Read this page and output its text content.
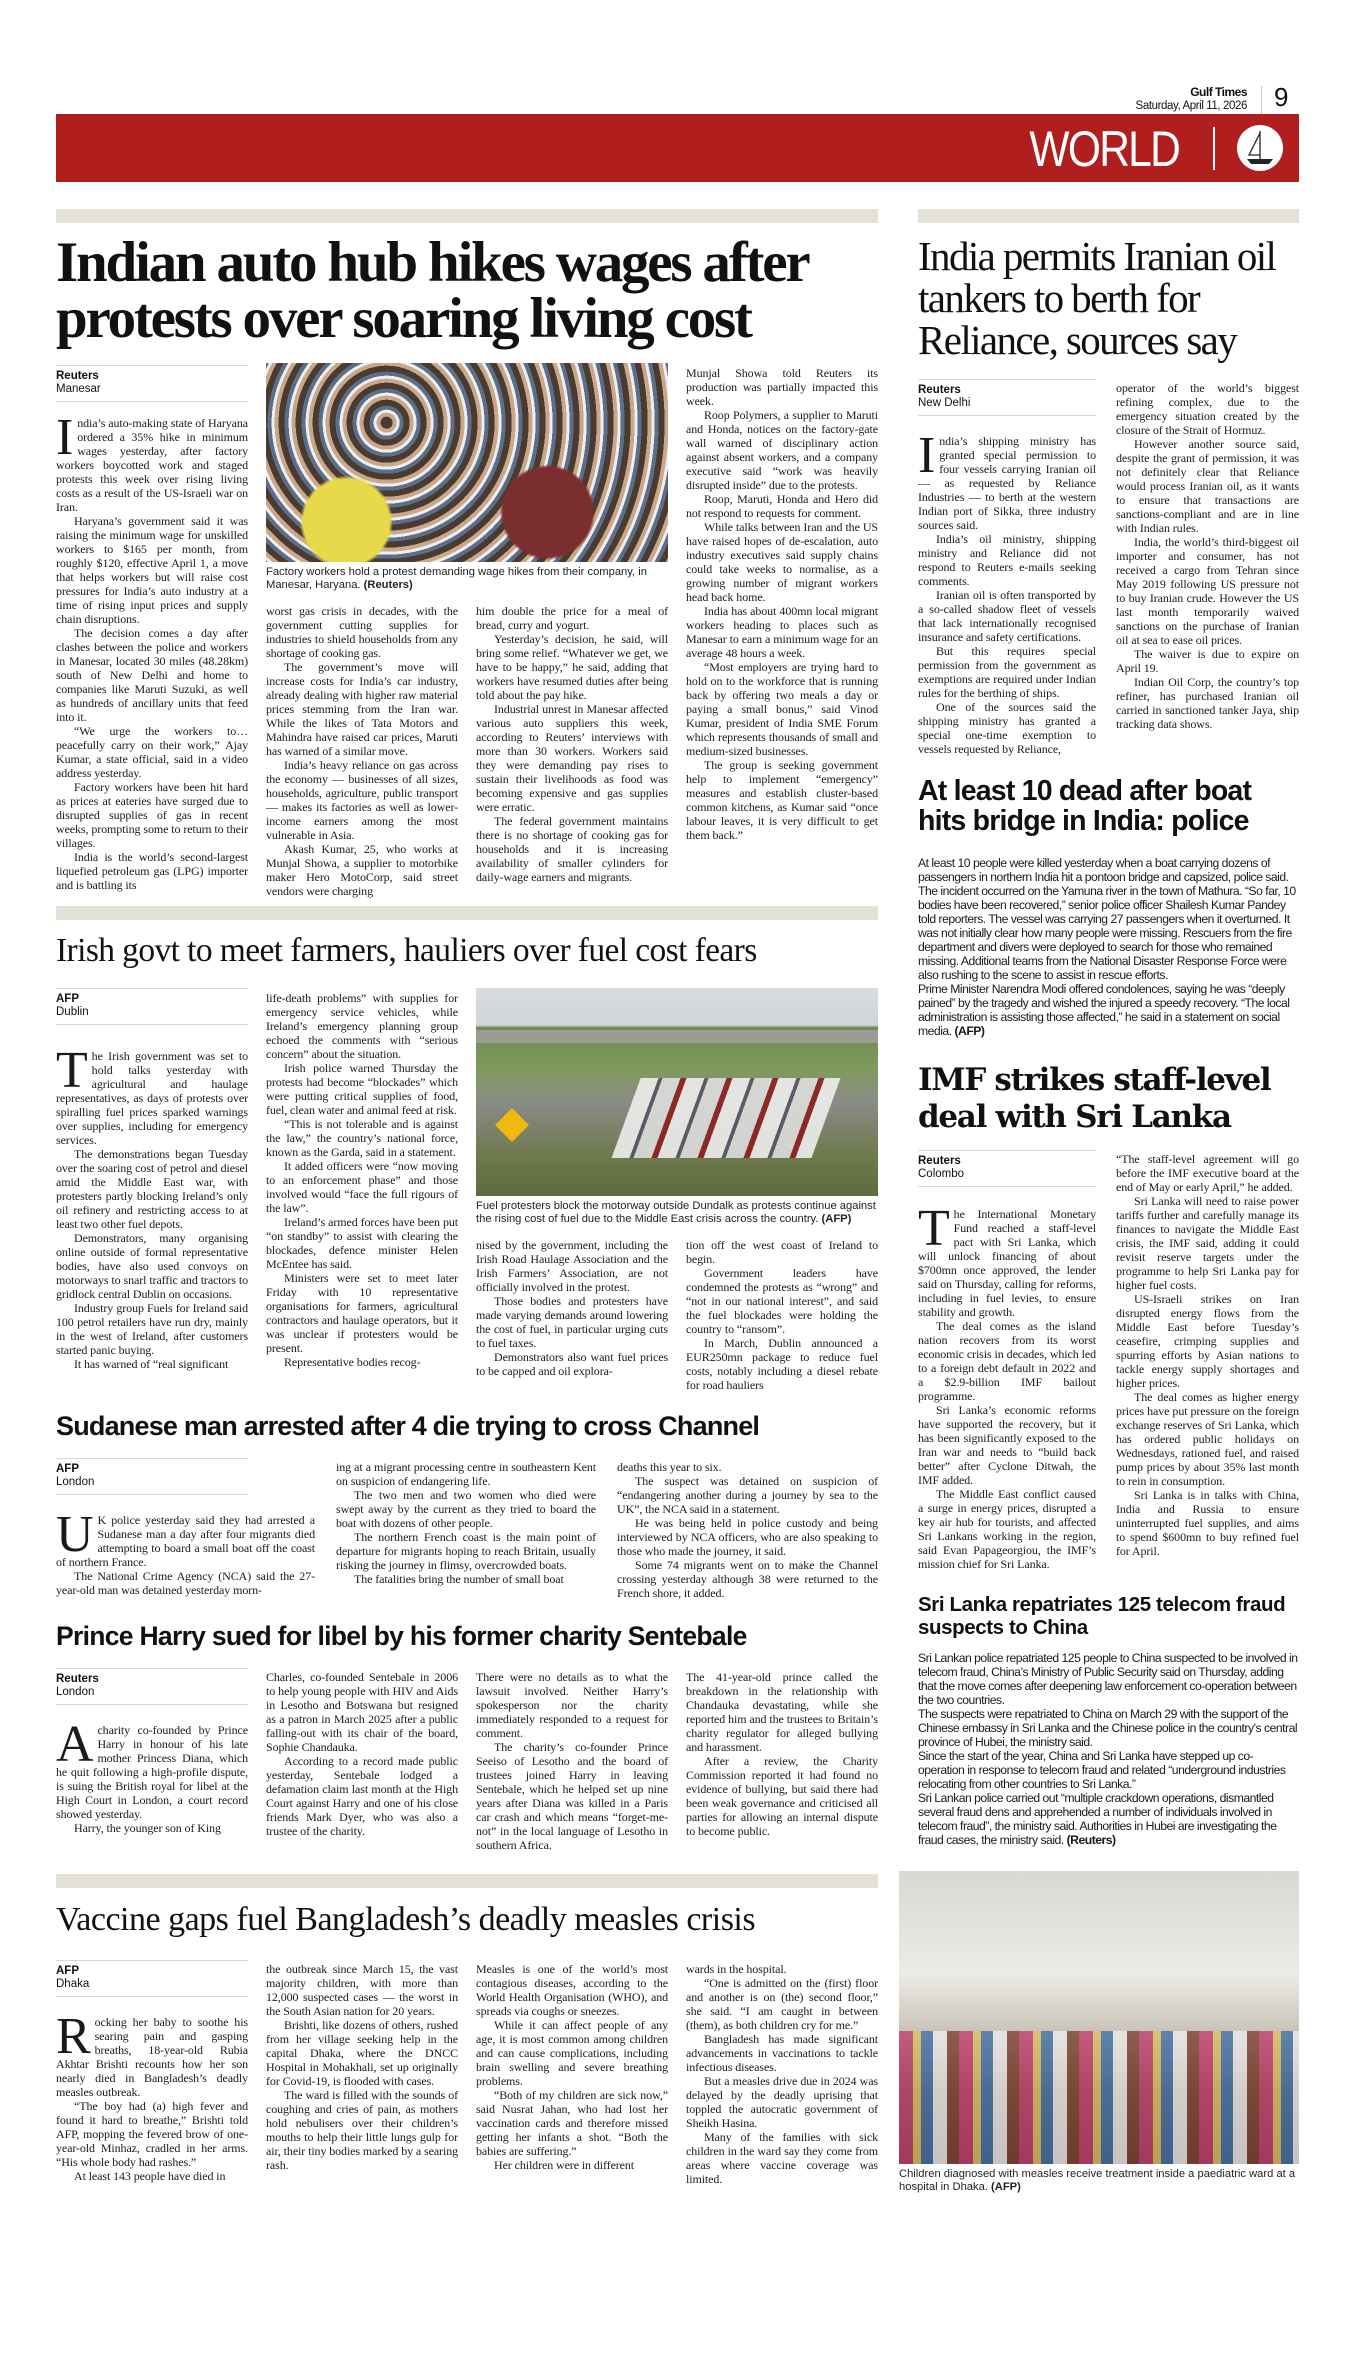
Gulf Times
Saturday, April 11, 2026 9
WORLD
Indian auto hub hikes wages after
protests over soaring living cost
Reuters
Manesar

India’s auto-making state of Haryana ordered a 35% hike in minimum wages yesterday, after factory workers boycotted work and staged protests this week over rising living costs as a result of the US-Israeli war on Iran.

Haryana’s government said it was raising the minimum wage for unskilled workers to $165 per month, from roughly $120, effective April 1, a move that helps workers but will raise cost pressures for India’s auto industry at a time of rising input prices and supply chain disruptions.

The decision comes a day after clashes between the police and workers in Manesar, located 30 miles (48.28km) south of New Delhi and home to companies like Maruti Suzuki, as well as hundreds of ancillary units that feed into it.

“We urge the workers to… peacefully carry on their work,” Ajay Kumar, a state official, said in a video address yesterday.

Factory workers have been hit hard as prices at eateries have surged due to disrupted supplies of gas in recent weeks, prompting some to return to their villages.

India is the world’s second-largest liquefied petroleum gas (LPG) importer and is battling its

Factory workers hold a protest demanding wage hikes from their company, in Manesar, Haryana. (Reuters)

worst gas crisis in decades, with the government cutting supplies for industries to shield households from any shortage of cooking gas.

The government’s move will increase costs for India’s car industry, already dealing with higher raw material prices stemming from the Iran war. While the likes of Tata Motors and Mahindra have raised car prices, Maruti has warned of a similar move.

India’s heavy reliance on gas across the economy — businesses of all sizes, households, agriculture, public transport — makes its factories as well as lower-income earners among the most vulnerable in Asia.

Akash Kumar, 25, who works at Munjal Showa, a supplier to motorbike maker Hero MotoCorp, said street vendors were charging

him double the price for a meal of bread, curry and yogurt.

Yesterday’s decision, he said, will bring some relief. “Whatever we get, we have to be happy,” he said, adding that workers have resumed duties after being told about the pay hike.

Industrial unrest in Manesar affected various auto suppliers this week, according to Reuters’ interviews with more than 30 workers. Workers said they were demanding pay rises to sustain their livelihoods as food was becoming expensive and gas supplies were erratic.

The federal government maintains there is no shortage of cooking gas for households and it is increasing availability of smaller cylinders for daily-wage earners and migrants.

Munjal Showa told Reuters its production was partially impacted this week.

Roop Polymers, a supplier to Maruti and Honda, notices on the factory-gate wall warned of disciplinary action against absent workers, and a company executive said “work was heavily disrupted inside” due to the protests.

Roop, Maruti, Honda and Hero did not respond to requests for comment.

While talks between Iran and the US have raised hopes of de-escalation, auto industry executives said supply chains could take weeks to normalise, as a growing number of migrant workers head back home.

India has about 400mn local migrant workers heading to places such as Manesar to earn a minimum wage for an average 48 hours a week.

“Most employers are trying hard to hold on to the workforce that is running back by offering two meals a day or paying a small bonus,” said Vinod Kumar, president of India SME Forum which represents thousands of small and medium-sized businesses.

The group is seeking government help to implement “emergency” measures and establish cluster-based common kitchens, as Kumar said “once labour leaves, it is very difficult to get them back.”

Irish govt to meet farmers, hauliers over fuel cost fears
AFP
Dublin

The Irish government was set to hold talks yesterday with agricultural and haulage representatives, as days of protests over spiralling fuel prices sparked warnings over supplies, including for emergency services.

The demonstrations began Tuesday over the soaring cost of petrol and diesel amid the Middle East war, with protesters partly blocking Ireland’s only oil refinery and restricting access to at least two other fuel depots.

Demonstrators, many organising online outside of formal representative bodies, have also used convoys on motorways to snarl traffic and tractors to gridlock central Dublin on occasions.

Industry group Fuels for Ireland said 100 petrol retailers have run dry, mainly in the west of Ireland, after customers started panic buying.

It has warned of “real significant

life-death problems” with supplies for emergency service vehicles, while Ireland’s emergency planning group echoed the comments with “serious concern” about the situation.

Irish police warned Thursday the protests had become “blockades” which were putting critical supplies of food, fuel, clean water and animal feed at risk.

“This is not tolerable and is against the law,” the country’s national force, known as the Garda, said in a statement.

It added officers were “now moving to an enforcement phase” and those involved would “face the full rigours of the law”.

Ireland’s armed forces have been put “on standby” to assist with clearing the blockades, defence minister Helen McEntee has said.

Ministers were set to meet later Friday with 10 representative organisations for farmers, agricultural contractors and haulage operators, but it was unclear if protesters would be present.

Representative bodies recog-

Fuel protesters block the motorway outside Dundalk as protests continue against the rising cost of fuel due to the Middle East crisis across the country. (AFP)

nised by the government, including the Irish Road Haulage Association and the Irish Farmers’ Association, are not officially involved in the protest.

Those bodies and protesters have made varying demands around lowering the cost of fuel, in particular urging cuts to fuel taxes.

Demonstrators also want fuel prices to be capped and oil explora-

tion off the west coast of Ireland to begin.

Government leaders have condemned the protests as “wrong” and “not in our national interest”, and said the fuel blockades were holding the country to “ransom”.

In March, Dublin announced a EUR250mn package to reduce fuel costs, notably including a diesel rebate for road hauliers

Sudanese man arrested after 4 die trying to cross Channel
AFP
London

UK police yesterday said they had arrested a Sudanese man a day after four migrants died attempting to board a small boat off the coast of northern France.

The National Crime Agency (NCA) said the 27-year-old man was detained yesterday morn-

ing at a migrant processing centre in southeastern Kent on suspicion of endangering life.

The two men and two women who died were swept away by the current as they tried to board the boat with dozens of other people.

The northern French coast is the main point of departure for migrants hoping to reach Britain, usually risking the journey in flimsy, overcrowded boats.

The fatalities bring the number of small boat

deaths this year to six.

The suspect was detained on suspicion of “endangering another during a journey by sea to the UK”, the NCA said in a statement.

He was being held in police custody and being interviewed by NCA officers, who are also speaking to those who made the journey, it said.

Some 74 migrants went on to make the Channel crossing yesterday although 38 were returned to the French shore, it added.

Prince Harry sued for libel by his former charity Sentebale
Reuters
London

Acharity co-founded by Prince Harry in honour of his late mother Princess Diana, which he quit following a high-profile dispute, is suing the British royal for libel at the High Court in London, a court record showed yesterday.

Harry, the younger son of King

Charles, co-founded Sentebale in 2006 to help young people with HIV and Aids in Lesotho and Botswana but resigned as a patron in March 2025 after a public falling-out with its chair of the board, Sophie Chandauka.

According to a record made public yesterday, Sentebale lodged a defamation claim last month at the High Court against Harry and one of his close friends Mark Dyer, who was also a trustee of the charity.

There were no details as to what the lawsuit involved. Neither Harry’s spokesperson nor the charity immediately responded to a request for comment.

The charity’s co-founder Prince Seeiso of Lesotho and the board of trustees joined Harry in leaving Sentebale, which he helped set up nine years after Diana was killed in a Paris car crash and which means “forget-me-not” in the local language of Lesotho in southern Africa.

The 41-year-old prince called the breakdown in the relationship with Chandauka devastating, while she reported him and the trustees to Britain’s charity regulator for alleged bullying and harassment.

After a review, the Charity Commission reported it had found no evidence of bullying, but said there had been weak governance and criticised all parties for allowing an internal dispute to become public.

Vaccine gaps fuel Bangladesh’s deadly measles crisis
AFP
Dhaka

Rocking her baby to soothe his searing pain and gasping breaths, 18-year-old Rubia Akhtar Brishti recounts how her son nearly died in Bangladesh’s deadly measles outbreak.

“The boy had (a) high fever and found it hard to breathe,” Brishti told AFP, mopping the fevered brow of one-year-old Minhaz, cradled in her arms. “His whole body had rashes.”

At least 143 people have died in

the outbreak since March 15, the vast majority children, with more than 12,000 suspected cases — the worst in the South Asian nation for 20 years.

Brishti, like dozens of others, rushed from her village seeking help in the capital Dhaka, where the DNCC Hospital in Mohakhali, set up originally for Covid-19, is flooded with cases.

The ward is filled with the sounds of coughing and cries of pain, as mothers hold nebulisers over their children’s mouths to help their little lungs gulp for air, their tiny bodies marked by a searing rash.

Measles is one of the world’s most contagious diseases, according to the World Health Organisation (WHO), and spreads via coughs or sneezes.

While it can affect people of any age, it is most common among children and can cause complications, including brain swelling and severe breathing problems.

“Both of my children are sick now,” said Nusrat Jahan, who had lost her vaccination cards and therefore missed getting her infants a shot. “Both the babies are suffering.”

Her children were in different

wards in the hospital.

“One is admitted on the (first) floor and another is on (the) second floor,” she said. “I am caught in between (them), as both children cry for me.”

Bangladesh has made significant advancements in vaccinations to tackle infectious diseases.

But a measles drive due in 2024 was delayed by the deadly uprising that toppled the autocratic government of Sheikh Hasina.

Many of the families with sick children in the ward say they come from areas where vaccine coverage was limited.

India permits Iranian oil tankers to berth for Reliance, sources say
Reuters
New Delhi

India’s shipping ministry has granted special permission to four vessels carrying Iranian oil — as requested by Reliance Industries — to berth at the western Indian port of Sikka, three industry sources said.

India’s oil ministry, shipping ministry and Reliance did not respond to Reuters e-mails seeking comments.

Iranian oil is often transported by a so-called shadow fleet of vessels that lack internationally recognised insurance and safety certifications.

But this requires special permission from the government as exemptions are required under Indian rules for the berthing of ships.

One of the sources said the shipping ministry has granted a special one-time exemption to vessels requested by Reliance,

operator of the world’s biggest refining complex, due to the emergency situation created by the closure of the Strait of Hormuz.

However another source said, despite the grant of permission, it was not definitely clear that Reliance would process Iranian oil, as it wants to ensure that transactions are sanctions-compliant and are in line with Indian rules.

India, the world’s third-biggest oil importer and consumer, has not received a cargo from Tehran since May 2019 following US pressure not to buy Iranian crude. However the US last month temporarily waived sanctions on the purchase of Iranian oil at sea to ease oil prices.

The waiver is due to expire on April 19.

Indian Oil Corp, the country’s top refiner, has purchased Iranian oil carried in sanctioned tanker Jaya, ship tracking data shows.

At least 10 dead after boat hits bridge in India: police
At least 10 people were killed yesterday when a boat carrying dozens of passengers in northern India hit a pontoon bridge and capsized, police said. The incident occurred on the Yamuna river in the town of Mathura. “So far, 10 bodies have been recovered,” senior police officer Shailesh Kumar Pandey told reporters. The vessel was carrying 27 passengers when it overturned. It was not initially clear how many people were missing. Rescuers from the fire department and divers were deployed to search for those who remained missing. Additional teams from the National Disaster Response Force were also rushing to the scene to assist in rescue efforts.
Prime Minister Narendra Modi offered condolences, saying he was “deeply pained” by the tragedy and wished the injured a speedy recovery. “The local administration is assisting those affected,” he said in a statement on social media. (AFP)
IMF strikes staff-level deal with Sri Lanka
Reuters
Colombo

The International Monetary Fund reached a staff-level pact with Sri Lanka, which will unlock financing of about $700mn once approved, the lender said on Thursday, calling for reforms, including in fuel levies, to ensure stability and growth.

The deal comes as the island nation recovers from its worst economic crisis in decades, which led to a foreign debt default in 2022 and a $2.9-billion IMF bailout programme.

Sri Lanka’s economic reforms have supported the recovery, but it has been significantly exposed to the Iran war and needs to “build back better” after Cyclone Ditwah, the IMF added.

The Middle East conflict caused a surge in energy prices, disrupted a key air hub for tourists, and affected Sri Lankans working in the region, said Evan Papageorgiou, the IMF’s mission chief for Sri Lanka.

“The staff-level agreement will go before the IMF executive board at the end of May or early April,” he added.

Sri Lanka will need to raise power tariffs further and carefully manage its finances to navigate the Middle East crisis, the IMF said, adding it could revisit reserve targets under the programme to help Sri Lanka pay for higher fuel costs.

US-Israeli strikes on Iran disrupted energy flows from the Middle East before Tuesday’s ceasefire, crimping supplies and spurring efforts by Asian nations to tackle energy supply shortages and higher prices.

The deal comes as higher energy prices have put pressure on the foreign exchange reserves of Sri Lanka, which has ordered public holidays on Wednesdays, rationed fuel, and raised pump prices by about 35% last month to rein in consumption.

Sri Lanka is in talks with China, India and Russia to ensure uninterrupted fuel supplies, and aims to spend $600mn to buy refined fuel for April.

Sri Lanka repatriates 125 telecom fraud suspects to China
Sri Lankan police repatriated 125 people to China suspected to be involved in telecom fraud, China’s Ministry of Public Security said on Thursday, adding that the move comes after deepening law enforcement co-operation between the two countries.
The suspects were repatriated to China on March 29 with the support of the Chinese embassy in Sri Lanka and the Chinese police in the country’s central province of Hubei, the ministry said.
Since the start of the year, China and Sri Lanka have stepped up co-operation in response to telecom fraud and related “underground industries relocating from other countries to Sri Lanka.”
Sri Lankan police carried out “multiple crackdown operations, dismantled several fraud dens and apprehended a number of individuals involved in telecom fraud”, the ministry said. Authorities in Hubei are investigating the fraud cases, the ministry said. (Reuters)
Children diagnosed with measles receive treatment inside a paediatric ward at a hospital in Dhaka. (AFP)
